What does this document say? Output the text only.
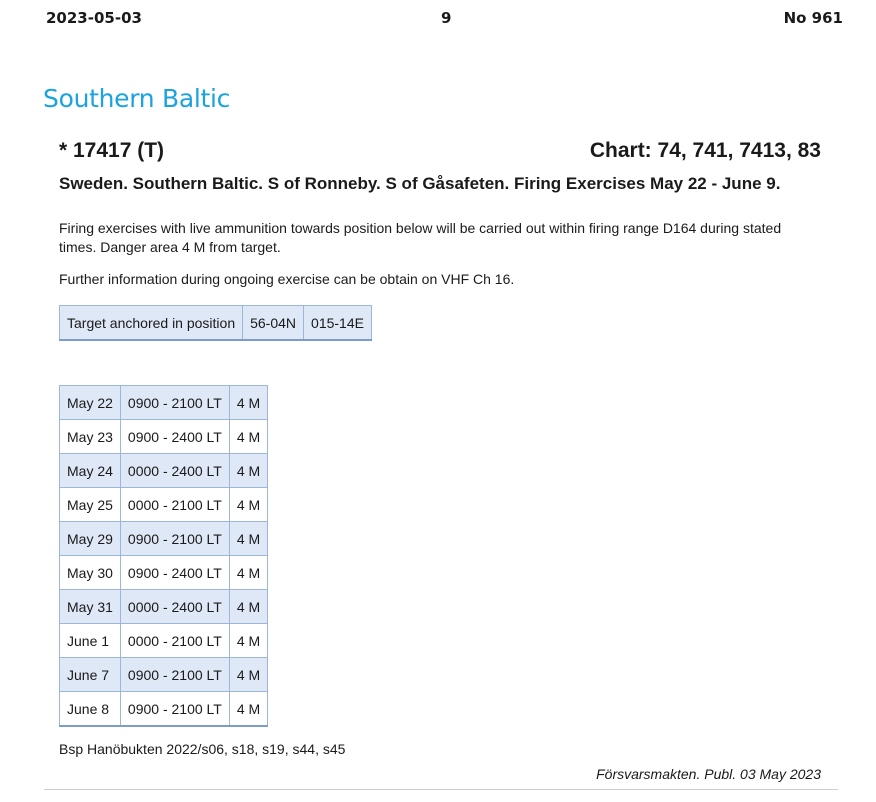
2023-05-03	9	No 961
Southern Baltic
* 17417 (T)	Chart: 74, 741, 7413, 83
Sweden. Southern Baltic. S of Ronneby. S of Gåsafeten. Firing Exercises May 22 - June 9.
Firing exercises with live ammunition towards position below will be carried out within firing range D164 during stated times. Danger area 4 M from target.
Further information during ongoing exercise can be obtain on VHF Ch 16.
Target anchored in position	56-04N	015-14E
May 22	0900 - 2100 LT	4 M
May 23	0900 - 2400 LT	4 M
May 24	0000 - 2400 LT	4 M
May 25	0000 - 2100 LT	4 M
May 29	0900 - 2100 LT	4 M
May 30	0900 - 2400 LT	4 M
May 31	0000 - 2400 LT	4 M
June 1	0000 - 2100 LT	4 M
June 7	0900 - 2100 LT	4 M
June 8	0900 - 2100 LT	4 M
Bsp Hanöbukten 2022/s06, s18, s19, s44, s45
Försvarsmakten. Publ. 03 May 2023
